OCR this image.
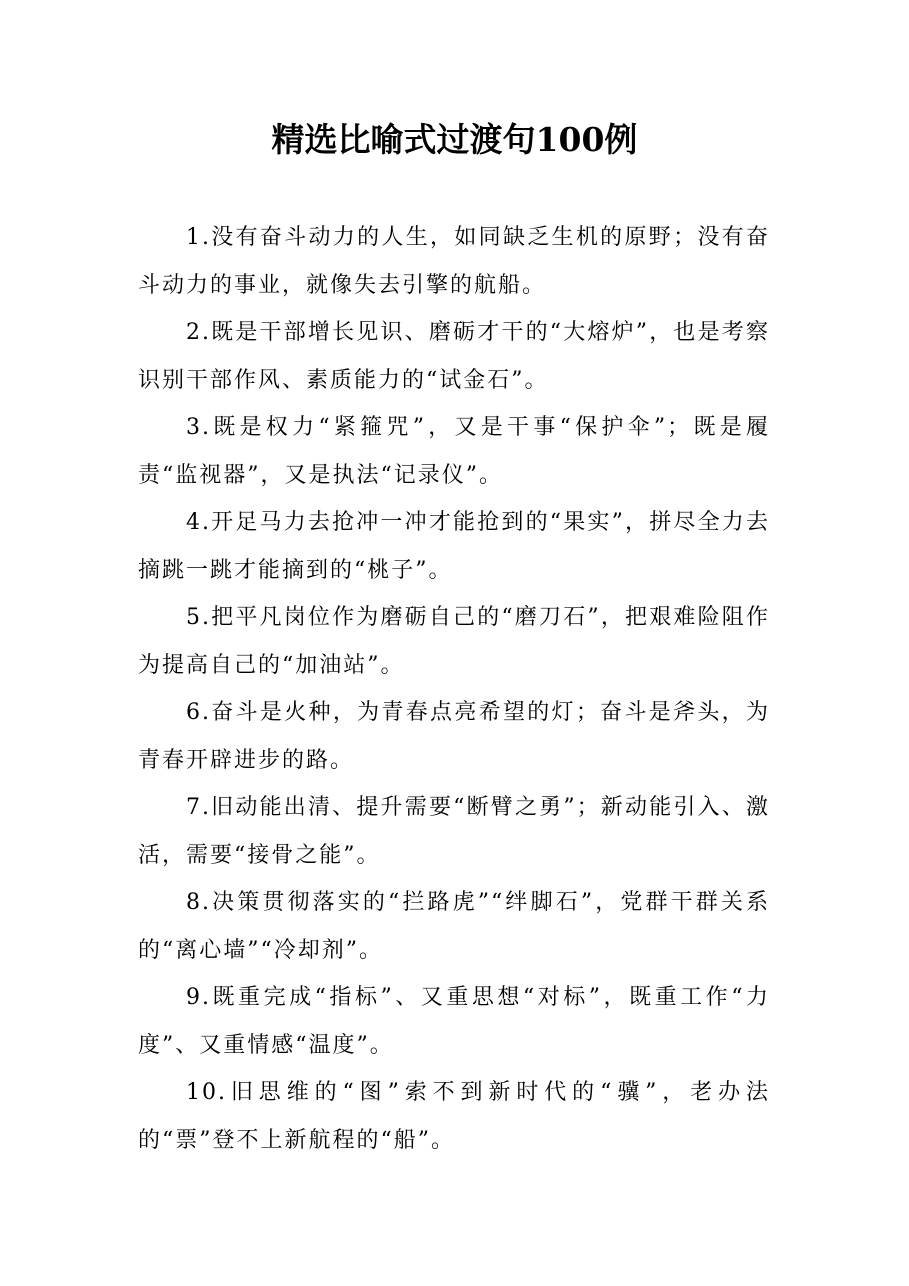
精选比喻式过渡句100例

1.没有奋斗动力的人生，如同缺乏生机的原野；没有奋斗动力的事业，就像失去引擎的航船。

2.既是干部增长见识、磨砺才干的“大熔炉”，也是考察识别干部作风、素质能力的“试金石”。

3.既是权力“紧箍咒”，又是干事“保护伞”；既是履责“监视器”，又是执法“记录仪”。

4.开足马力去抢冲一冲才能抢到的“果实”，拼尽全力去摘跳一跳才能摘到的“桃子”。

5.把平凡岗位作为磨砺自己的“磨刀石”，把艰难险阻作为提高自己的“加油站”。

6.奋斗是火种，为青春点亮希望的灯；奋斗是斧头，为青春开辟进步的路。

7.旧动能出清、提升需要“断臂之勇”；新动能引入、激活，需要“接骨之能”。

8.决策贯彻落实的“拦路虎”“绊脚石”，党群干群关系的“离心墙”“冷却剂”。

9.既重完成“指标”、又重思想“对标”，既重工作“力度”、又重情感“温度”。

10.旧思维的“图”索不到新时代的“骥”，老办法的“票”登不上新航程的“船”。
